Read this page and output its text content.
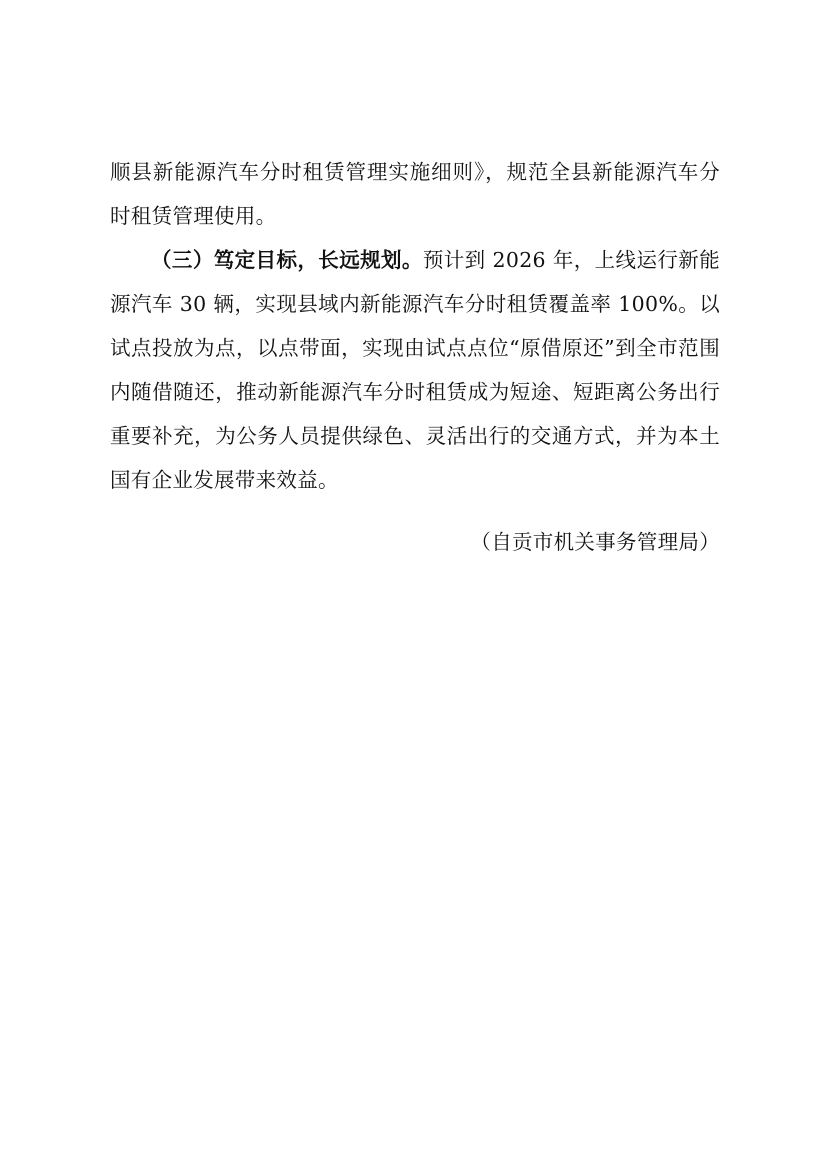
顺县新能源汽车分时租赁管理实施细则》，规范全县新能源汽车分时租赁管理使用。

（三）笃定目标，长远规划。预计到 2026 年，上线运行新能源汽车 30 辆，实现县域内新能源汽车分时租赁覆盖率 100%。以试点投放为点，以点带面，实现由试点点位“原借原还”到全市范围内随借随还，推动新能源汽车分时租赁成为短途、短距离公务出行重要补充，为公务人员提供绿色、灵活出行的交通方式，并为本土国有企业发展带来效益。

（自贡市机关事务管理局）
